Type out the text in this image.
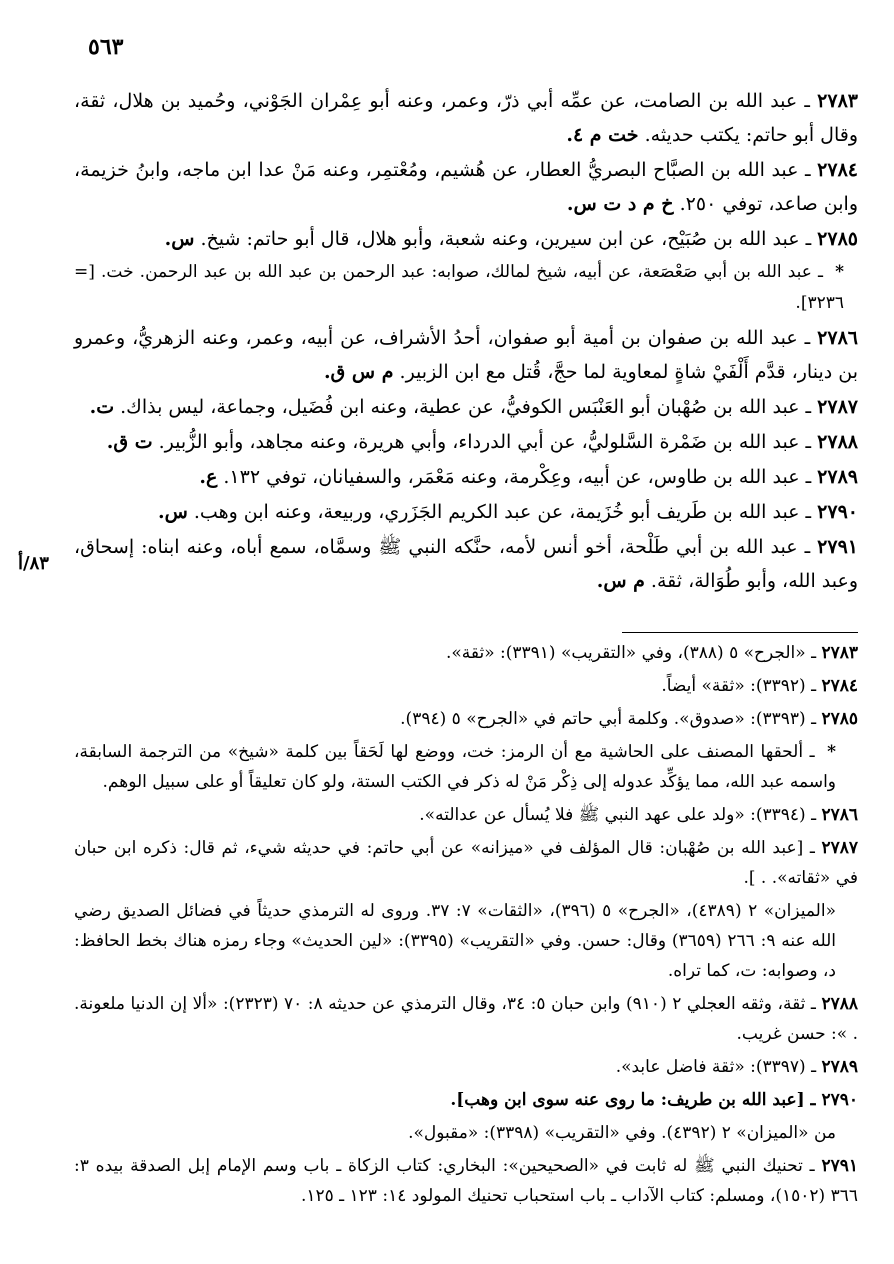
٥٦٣
٨٣/أ

٢٧٨٣ ـ عبد الله بن الصامت، عن عمِّه أبي ذرّ، وعمر، وعنه أبو عِمْران الجَوْني، وحُميد بن هلال، ثقة، وقال أبو حاتم: يكتب حديثه. خت م ٤.

٢٧٨٤ ـ عبد الله بن الصبَّاح البصريُّ العطار، عن هُشيم، ومُعْتمِر، وعنه مَنْ عدا ابن ماجه، وابنُ خزيمة، وابن صاعد، توفي ٢٥٠. خ م د ت س.

٢٧٨٥ ـ عبد الله بن صُبَيْح، عن ابن سيرين، وعنه شعبة، وأبو هلال، قال أبو حاتم: شيخ. س.

* ـ عبد الله بن أبي صَعْصَعة، عن أبيه، شيخ لمالك، صوابه: عبد الرحمن بن عبد الله بن عبد الرحمن. خت. [= ٣٢٣٦].

٢٧٨٦ ـ عبد الله بن صفوان بن أمية أبو صفوان، أحدُ الأشراف، عن أبيه، وعمر، وعنه الزهريُّ، وعمرو بن دينار، قدَّم أَلْفَيْ شاةٍ لمعاوية لما حجَّ، قُتل مع ابن الزبير. م س ق.

٢٧٨٧ ـ عبد الله بن صُهْبان أبو العَنْبَس الكوفيُّ، عن عطية، وعنه ابن فُضَيل، وجماعة، ليس بذاك. ت.

٢٧٨٨ ـ عبد الله بن ضَمْرة السَّلوليُّ، عن أبي الدرداء، وأبي هريرة، وعنه مجاهد، وأبو الزُّبير. ت ق.

٢٧٨٩ ـ عبد الله بن طاوس، عن أبيه، وعِكْرمة، وعنه مَعْمَر، والسفيانان، توفي ١٣٢. ع.

٢٧٩٠ ـ عبد الله بن طَريف أبو خُزَيمة، عن عبد الكريم الجَزَري، وربيعة، وعنه ابن وهب. س.

٢٧٩١ ـ عبد الله بن أبي طَلْحة، أخو أنس لأمه، حنَّكه النبي ﷺ وسمَّاه، سمع أباه، وعنه ابناه: إسحاق، وعبد الله، وأبو طُوَالة، ثقة. م س.

٢٧٨٣ ـ «الجرح» ٥ (٣٨٨)، وفي «التقريب» (٣٣٩١): «ثقة».

٢٧٨٤ ـ (٣٣٩٢): «ثقة» أيضاً.

٢٧٨٥ ـ (٣٣٩٣): «صدوق». وكلمة أبي حاتم في «الجرح» ٥ (٣٩٤).

* ـ ألحقها المصنف على الحاشية مع أن الرمز: خت، ووضع لها لَحَقاً بين كلمة «شيخ» من الترجمة السابقة، واسمه عبد الله، مما يؤكِّد عدوله إلى ذِكْر مَنْ له ذكر في الكتب الستة، ولو كان تعليقاً أو على سبيل الوهم.

٢٧٨٦ ـ (٣٣٩٤): «ولد على عهد النبي ﷺ فلا يُسأل عن عدالته».

٢٧٨٧ ـ [عبد الله بن صُهْبان: قال المؤلف في «ميزانه» عن أبي حاتم: في حديثه شيء، ثم قال: ذكره ابن حبان في «ثقاته». . ].

«الميزان» ٢ (٤٣٨٩)، «الجرح» ٥ (٣٩٦)، «الثقات» ٧: ٣٧. وروى له الترمذي حديثاً في فضائل الصديق رضي الله عنه ٩: ٢٦٦ (٣٦٥٩) وقال: حسن. وفي «التقريب» (٣٣٩٥): «لين الحديث» وجاء رمزه هناك بخط الحافظ: د، وصوابه: ت، كما تراه.

٢٧٨٨ ـ ثقة، وثقه العجلي ٢ (٩١٠) وابن حبان ٥: ٣٤، وقال الترمذي عن حديثه ٨: ٧٠ (٢٣٢٣): «ألا إن الدنيا ملعونة. . »: حسن غريب.

٢٧٨٩ ـ (٣٣٩٧): «ثقة فاضل عابد».

٢٧٩٠ ـ [عبد الله بن طريف: ما روى عنه سوى ابن وهب].

من «الميزان» ٢ (٤٣٩٢). وفي «التقريب» (٣٣٩٨): «مقبول».

٢٧٩١ ـ تحنيك النبي ﷺ له ثابت في «الصحيحين»: البخاري: كتاب الزكاة ـ باب وسم الإمام إبل الصدقة بيده ٣: ٣٦٦ (١٥٠٢)، ومسلم: كتاب الآداب ـ باب استحباب تحنيك المولود ١٤: ١٢٣ ـ ١٢٥.
